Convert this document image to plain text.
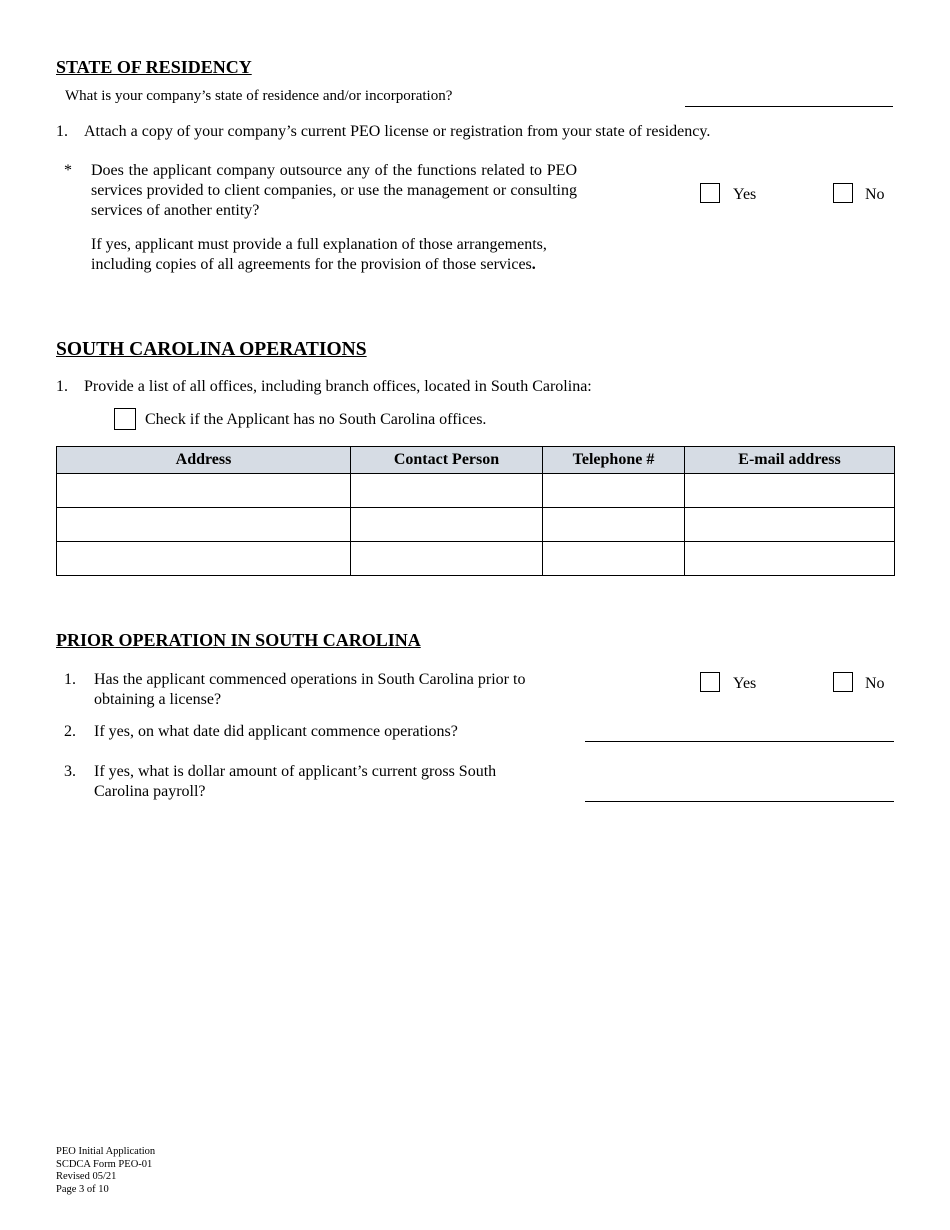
STATE OF RESIDENCY
What is your company’s state of residence and/or incorporation?
1. Attach a copy of your company’s current PEO license or registration from your state of residency.
* Does the applicant company outsource any of the functions related to PEO services provided to client companies, or use the management or consulting services of another entity?
Yes	No
If yes, applicant must provide a full explanation of those arrangements, including copies of all agreements for the provision of those services.
SOUTH CAROLINA OPERATIONS
1. Provide a list of all offices, including branch offices, located in South Carolina:
Check if the Applicant has no South Carolina offices.
Address	Contact Person	Telephone #	E-mail address

PRIOR OPERATION IN SOUTH CAROLINA
1. Has the applicant commenced operations in South Carolina prior to obtaining a license?
Yes	No
2. If yes, on what date did applicant commence operations?
3. If yes, what is dollar amount of applicant’s current gross South Carolina payroll?
PEO Initial Application
SCDCA Form PEO-01
Revised 05/21
Page 3 of 10
